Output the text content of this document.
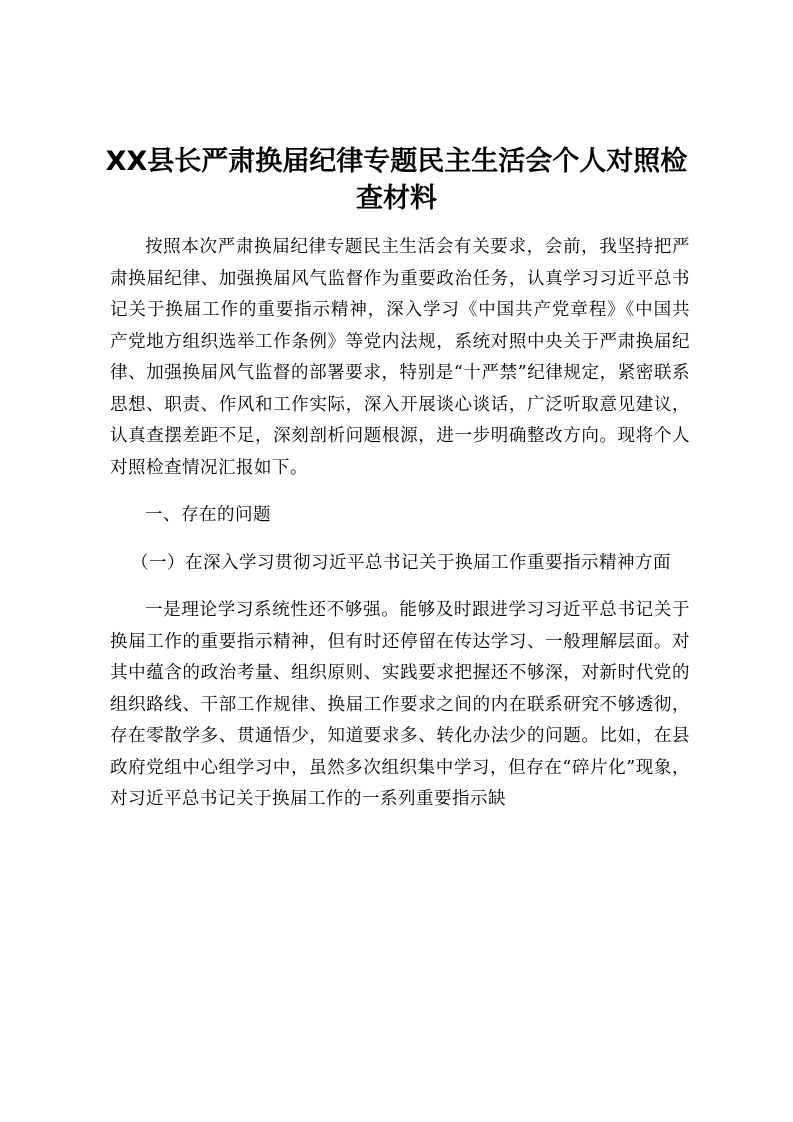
XX县长严肃换届纪律专题民主生活会个人对照检查材料

按照本次严肃换届纪律专题民主生活会有关要求，会前，我坚持把严肃换届纪律、加强换届风气监督作为重要政治任务，认真学习习近平总书记关于换届工作的重要指示精神，深入学习《中国共产党章程》《中国共产党地方组织选举工作条例》等党内法规，系统对照中央关于严肃换届纪律、加强换届风气监督的部署要求，特别是“十严禁”纪律规定，紧密联系思想、职责、作风和工作实际，深入开展谈心谈话，广泛听取意见建议，认真查摆差距不足，深刻剖析问题根源，进一步明确整改方向。现将个人对照检查情况汇报如下。

一、存在的问题

（一）在深入学习贯彻习近平总书记关于换届工作重要指示精神方面

一是理论学习系统性还不够强。能够及时跟进学习习近平总书记关于换届工作的重要指示精神，但有时还停留在传达学习、一般理解层面。对其中蕴含的政治考量、组织原则、实践要求把握还不够深，对新时代党的组织路线、干部工作规律、换届工作要求之间的内在联系研究不够透彻，存在零散学多、贯通悟少，知道要求多、转化办法少的问题。比如，在县政府党组中心组学习中，虽然多次组织集中学习，但存在“碎片化”现象，对习近平总书记关于换届工作的一系列重要指示缺
